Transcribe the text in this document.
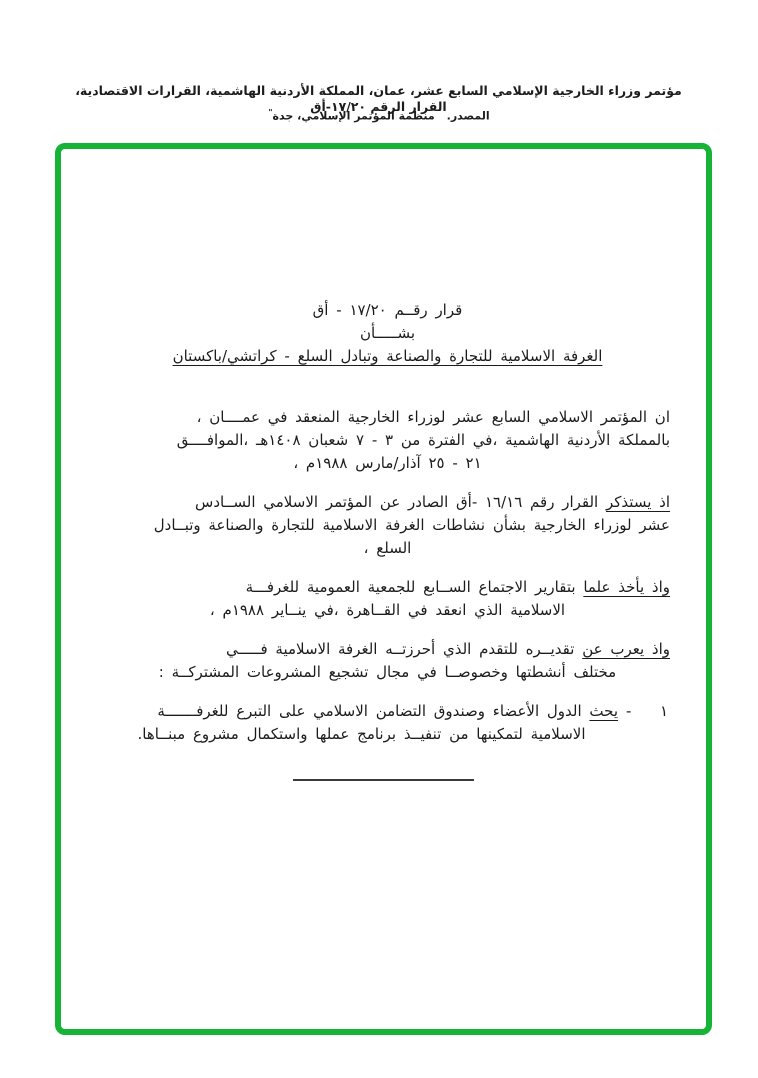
مؤتمر وزراء الخارجية الإسلامي السابع عشر، عمان، المملكة الأردنية الهاشمية، القرارات الاقتصادية، القرار الرقم ١٧/٢٠-أق
المصدر.منظمة المؤتمر الإسلامي، جدة"
قرار رقــم ١٧/٢٠ - أق
بشـــــأن
الغرفة الاسلامية للتجارة والصناعة وتبادل السلع - كراتشي/باكستان
ان المؤتمر الاسلامي السابع عشر لوزراء الخارجية المنعقد في عمــــان ،
بالمملكة الأردنية الهاشمية ،في الفترة من ٣ - ٧ شعبان ١٤٠٨هـ ،الموافــــق
٢١ - ٢٥ آذار/مارس ١٩٨٨م ،
اذ يستذكر القرار رقم ١٦/١٦ -أق الصادر عن المؤتمر الاسلامي الســادس
عشر لوزراء الخارجية بشأن نشاطات الغرفة الاسلامية للتجارة والصناعة وتبــادل
السلع ،
واذ يأخذ علما بتقارير الاجتماع الســابع للجمعية العمومية للغرفـــة
الاسلامية الذي انعقد في القــاهرة ،في ينــاير ١٩٨٨م ،
واذ يعرب عن تقديــره للتقدم الذي أحرزتــه الغرفة الاسلامية فـــــي
مختلف أنشطتها وخصوصــا في مجال تشجيع المشروعات المشتركــة :
١
-
يحث الدول الأعضاء وصندوق التضامن الاسلامي على التبرع للغرفـــــــة
الاسلامية لتمكينها من تنفيــذ برنامج عملها واستكمال مشروع مبنــاها.
